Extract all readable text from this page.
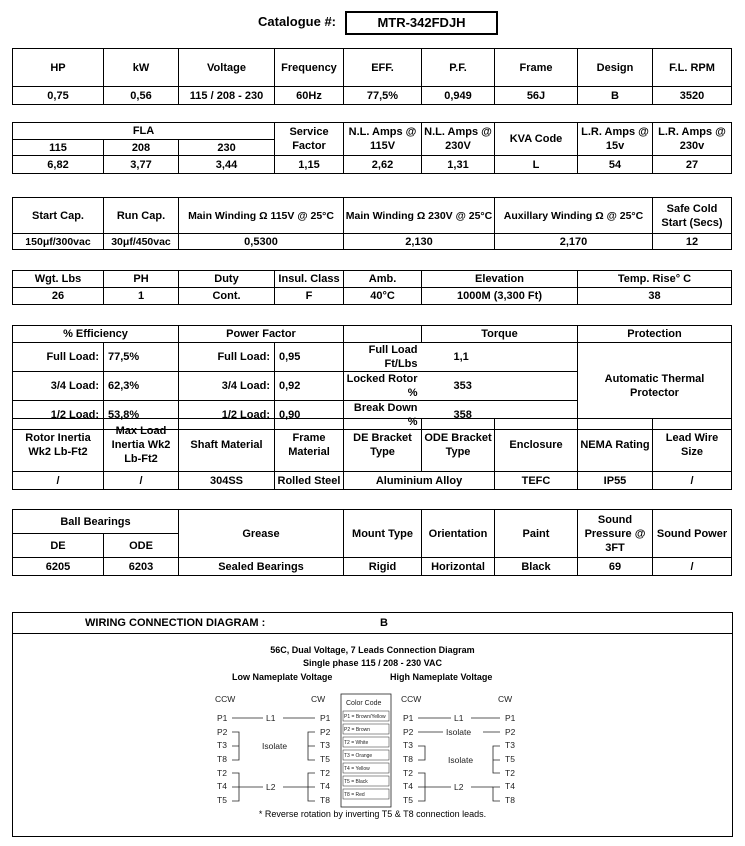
Catalogue #:	MTR-342FDJH
HP	kW	Voltage	Frequency	EFF.	P.F.	Frame	Design	F.L. RPM
0,75	0,56	115 / 208 - 230	60Hz	77,5%	0,949	56J	B	3520
FLA			Service Factor	N.L. Amps @ 115V	N.L. Amps @ 230V	KVA Code	L.R. Amps @ 15v	L.R. Amps @ 230v
115	208	230						
6,82	3,77	3,44	1,15	2,62	1,31	L	54	27
Start Cap.	Run Cap.	Main Winding Ω 115V @ 25°C	Main Winding Ω 230V @ 25°C	Auxillary Winding Ω @ 25°C	Safe Cold Start (Secs)
150μf/300vac	30μf/450vac	0,5300	2,130	2,170	12
Wgt. Lbs	PH	Duty	Insul. Class	Amb.	Elevation	Temp. Rise° C
26	1	Cont.	F	40°C	1000M (3,300 Ft)	38
% Efficiency		Power Factor			Torque	Protection
Full Load:	77,5%	Full Load:	0,95	Full Load Ft/Lbs	1,1	Automatic Thermal Protector
3/4 Load:	62,3%	3/4 Load:	0,92	Locked Rotor %	353	
1/2 Load:	53,8%	1/2 Load:	0,90	Break Down %	358	
Rotor Inertia Wk2 Lb-Ft2	Max Load Inertia Wk2 Lb-Ft2	Shaft Material	Frame Material	DE Bracket Type	ODE Bracket Type	Enclosure	NEMA Rating	Lead Wire Size
/	/	304SS	Rolled Steel	Aluminium Alloy		TEFC	IP55	/
Ball Bearings		Grease	Mount Type	Orientation	Paint	Sound Pressure @ 3FT	Sound Power
DE	ODE						
6205	6203	Sealed Bearings	Rigid	Horizontal	Black	69	/
WIRING CONNECTION DIAGRAM :	B
56C, Dual Voltage, 7 Leads Connection Diagram
Single phase 115 / 208 - 230 VAC
Low Nameplate Voltage	High Nameplate Voltage
CCW	CW
P1
P2
T3
T8
T2
T4
T5
P1
P2
T3
T5
T2
T4
T8
L1
Isolate
L2
Color Code
P1 = Brown/Yellow
P2 = Brown
T2 = White
T3 = Orange
T4 = Yellow
T5 = Black
T8 = Red
CCW	CW
P1
P2
T3
T8
T2
T4
T5
P1
P2
T3
T5
T2
T4
T8
L1
Isolate
Isolate
L2
* Reverse rotation by inverting T5 & T8 connection leads.
